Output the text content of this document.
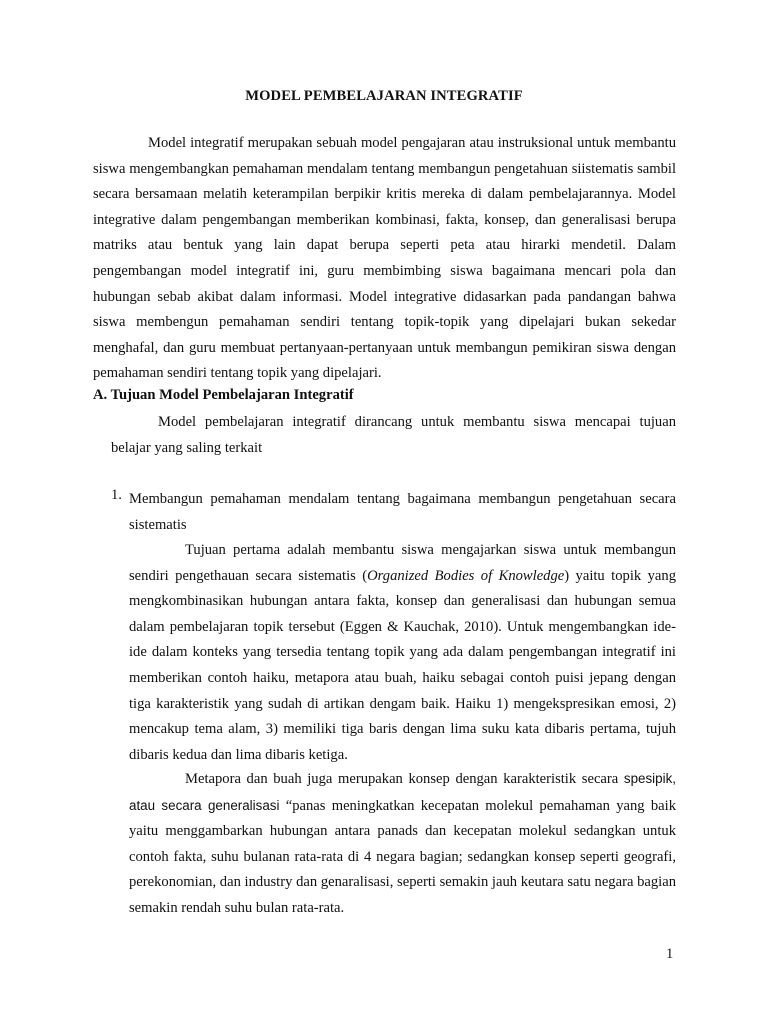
MODEL PEMBELAJARAN INTEGRATIF

Model integratif merupakan sebuah model pengajaran atau instruksional untuk membantu siswa mengembangkan pemahaman mendalam tentang membangun pengetahuan siistematis sambil secara bersamaan melatih keterampilan berpikir kritis mereka di dalam pembelajarannya. Model integrative dalam pengembangan memberikan kombinasi, fakta, konsep, dan generalisasi berupa matriks atau bentuk yang lain dapat berupa seperti peta atau hirarki mendetil. Dalam pengembangan model integratif ini, guru membimbing siswa bagaimana mencari pola dan hubungan sebab akibat dalam informasi. Model integrative didasarkan pada pandangan bahwa siswa membengun pemahaman sendiri tentang topik-topik yang dipelajari bukan sekedar menghafal, dan guru membuat pertanyaan-pertanyaan untuk membangun pemikiran siswa dengan pemahaman sendiri tentang topik yang dipelajari.

A. Tujuan Model Pembelajaran Integratif

Model pembelajaran integratif dirancang untuk membantu siswa mencapai tujuan belajar yang saling terkait

1. Membangun pemahaman mendalam tentang bagaimana membangun pengetahuan secara sistematis

Tujuan pertama adalah membantu siswa mengajarkan siswa untuk membangun sendiri pengethauan secara sistematis (Organized Bodies of Knowledge) yaitu topik yang mengkombinasikan hubungan antara fakta, konsep dan generalisasi dan hubungan semua dalam pembelajaran topik tersebut (Eggen & Kauchak, 2010). Untuk mengembangkan ide-ide dalam konteks yang tersedia tentang topik yang ada dalam pengembangan integratif ini memberikan contoh haiku, metapora atau buah, haiku sebagai contoh puisi jepang dengan tiga karakteristik yang sudah di artikan dengam baik. Haiku 1) mengekspresikan emosi, 2) mencakup tema alam, 3) memiliki tiga baris dengan lima suku kata dibaris pertama, tujuh dibaris kedua dan lima dibaris ketiga.

Metapora dan buah juga merupakan konsep dengan karakteristik secara spesipik, atau secara generalisasi “panas meningkatkan kecepatan molekul pemahaman yang baik yaitu menggambarkan hubungan antara panads dan kecepatan molekul sedangkan untuk contoh fakta, suhu bulanan rata-rata di 4 negara bagian; sedangkan konsep seperti geografi, perekonomian, dan industry dan genaralisasi, seperti semakin jauh keutara satu negara bagian semakin rendah suhu bulan rata-rata.

1
